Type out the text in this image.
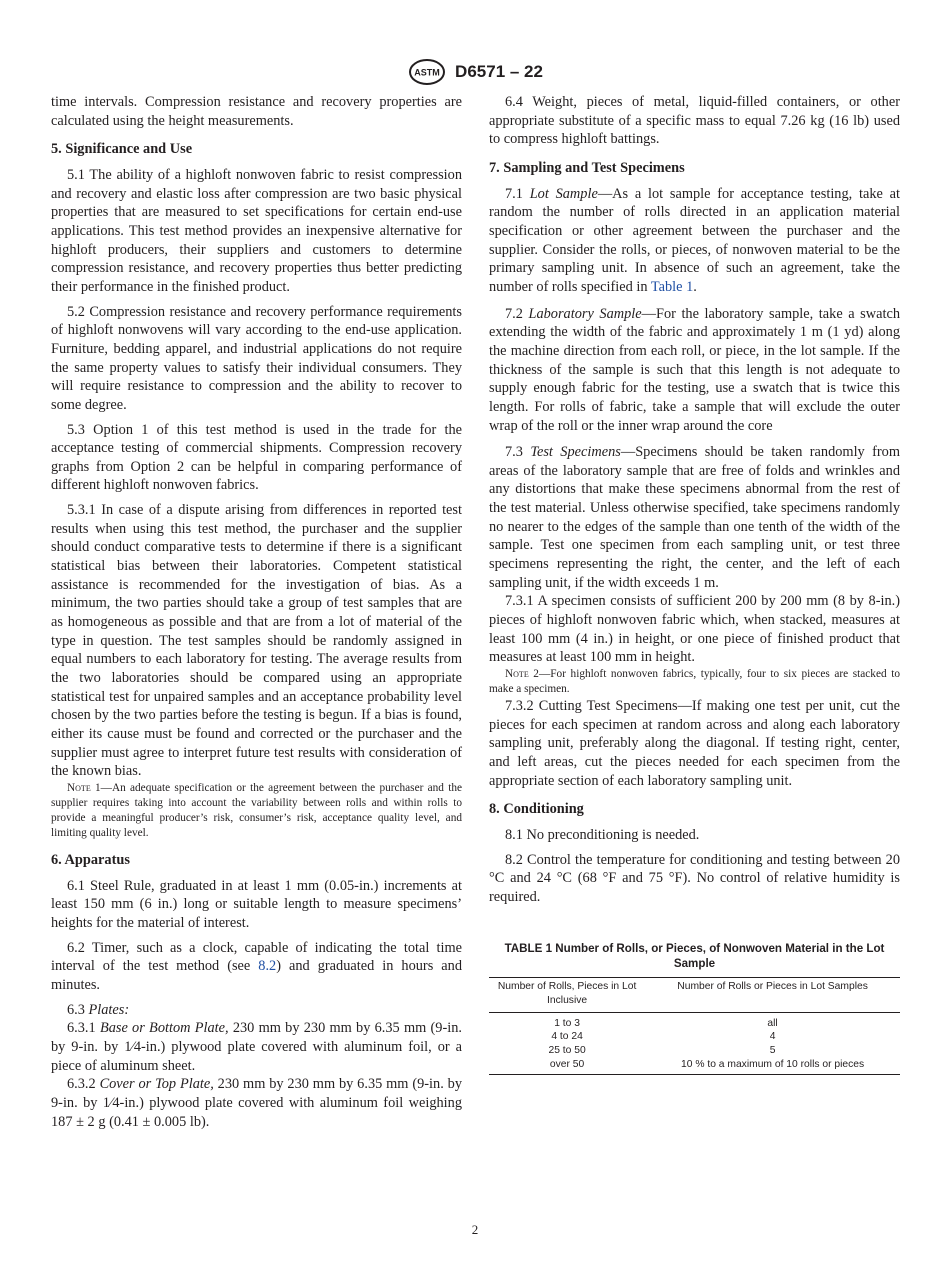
ASTM D6571 – 22

time intervals. Compression resistance and recovery properties are calculated using the height measurements.

5. Significance and Use

5.1 The ability of a highloft nonwoven fabric to resist compression and recovery and elastic loss after compression are two basic physical properties that are measured to set specifications for certain end-use applications. This test method provides an inexpensive alternative for highloft producers, their suppliers and customers to determine compression resistance, and recovery properties thus better predicting their performance in the finished product.

5.2 Compression resistance and recovery performance requirements of highloft nonwovens will vary according to the end-use application. Furniture, bedding apparel, and industrial applications do not require the same property values to satisfy their individual consumers. They will require resistance to compression and the ability to recover to some degree.

5.3 Option 1 of this test method is used in the trade for the acceptance testing of commercial shipments. Compression recovery graphs from Option 2 can be helpful in comparing performance of different highloft nonwoven fabrics.

5.3.1 In case of a dispute arising from differences in reported test results when using this test method, the purchaser and the supplier should conduct comparative tests to determine if there is a significant statistical bias between their laboratories. Competent statistical assistance is recommended for the investigation of bias. As a minimum, the two parties should take a group of test samples that are as homogeneous as possible and that are from a lot of material of the type in question. The test samples should be randomly assigned in equal numbers to each laboratory for testing. The average results from the two laboratories should be compared using an appropriate statistical test for unpaired samples and an acceptance probability level chosen by the two parties before the testing is begun. If a bias is found, either its cause must be found and corrected or the purchaser and the supplier must agree to interpret future test results with consideration of the known bias.

Note 1—An adequate specification or the agreement between the purchaser and the supplier requires taking into account the variability between rolls and within rolls to provide a meaningful producer’s risk, consumer’s risk, acceptance quality level, and limiting quality level.

6. Apparatus

6.1 Steel Rule, graduated in at least 1 mm (0.05-in.) increments at least 150 mm (6 in.) long or suitable length to measure specimens’ heights for the material of interest.

6.2 Timer, such as a clock, capable of indicating the total time interval of the test method (see 8.2) and graduated in hours and minutes.

6.3 Plates:

6.3.1 Base or Bottom Plate, 230 mm by 230 mm by 6.35 mm (9-in. by 9-in. by 1⁄4-in.) plywood plate covered with aluminum foil, or a piece of aluminum sheet.

6.3.2 Cover or Top Plate, 230 mm by 230 mm by 6.35 mm (9-in. by 9-in. by 1⁄4-in.) plywood plate covered with aluminum foil weighing 187 ± 2 g (0.41 ± 0.005 lb).

6.4 Weight, pieces of metal, liquid-filled containers, or other appropriate substitute of a specific mass to equal 7.26 kg (16 lb) used to compress highloft battings.

7. Sampling and Test Specimens

7.1 Lot Sample—As a lot sample for acceptance testing, take at random the number of rolls directed in an application material specification or other agreement between the purchaser and the supplier. Consider the rolls, or pieces, of nonwoven material to be the primary sampling unit. In absence of such an agreement, take the number of rolls specified in Table 1.

7.2 Laboratory Sample—For the laboratory sample, take a swatch extending the width of the fabric and approximately 1 m (1 yd) along the machine direction from each roll, or piece, in the lot sample. If the thickness of the sample is such that this length is not adequate to supply enough fabric for the testing, use a swatch that is twice this length. For rolls of fabric, take a sample that will exclude the outer wrap of the roll or the inner wrap around the core

7.3 Test Specimens—Specimens should be taken randomly from areas of the laboratory sample that are free of folds and wrinkles and any distortions that make these specimens abnormal from the rest of the test material. Unless otherwise specified, take specimens randomly no nearer to the edges of the sample than one tenth of the width of the sample. Test one specimen from each sampling unit, or test three specimens representing the right, the center, and the left of each sampling unit, if the width exceeds 1 m.

7.3.1 A specimen consists of sufficient 200 by 200 mm (8 by 8-in.) pieces of highloft nonwoven fabric which, when stacked, measures at least 100 mm (4 in.) in height, or one piece of finished product that measures at least 100 mm in height.

Note 2—For highloft nonwoven fabrics, typically, four to six pieces are stacked to make a specimen.

7.3.2 Cutting Test Specimens—If making one test per unit, cut the pieces for each specimen at random across and along each laboratory sampling unit, preferably along the diagonal. If testing right, center, and left areas, cut the pieces needed for each specimen from the appropriate section of each laboratory sampling unit.

8. Conditioning

8.1 No preconditioning is needed.

8.2 Control the temperature for conditioning and testing between 20 °C and 24 °C (68 °F and 75 °F). No control of relative humidity is required.

TABLE 1 Number of Rolls, or Pieces, of Nonwoven Material in the Lot Sample
Number of Rolls, Pieces in Lot Inclusive	Number of Rolls or Pieces in Lot Samples
1 to 3	all
4 to 24	4
25 to 50	5
over 50	10 % to a maximum of 10 rolls or pieces
2
